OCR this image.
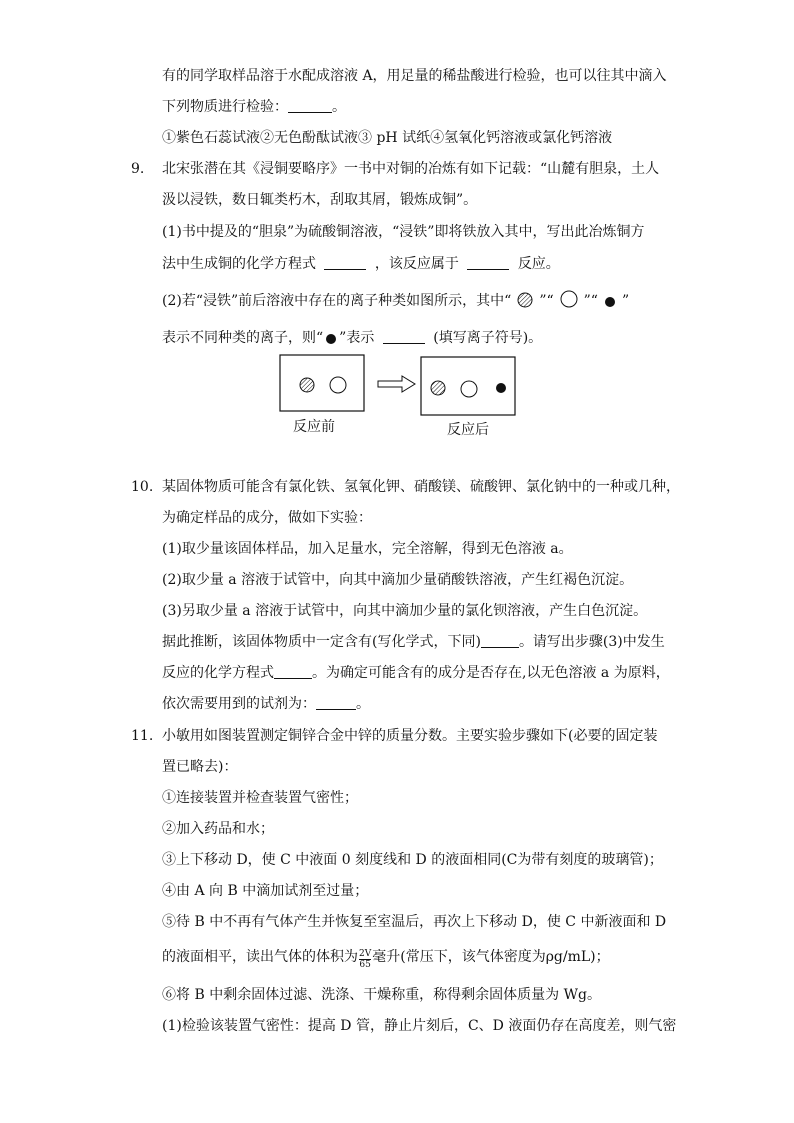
有的同学取样品溶于水配成溶液 A，用足量的稀盐酸进行检验，也可以往其中滴入
下列物质进行检验：	。
①紫色石蕊试液②无色酚酞试液③ pH 试纸④氢氧化钙溶液或氯化钙溶液
9. 北宋张潜在其《浸铜要略序》一书中对铜的冶炼有如下记载：“山麓有胆泉，土人
汲以浸铁，数日辄类朽木，刮取其屑，锻炼成铜”。
(1)书中提及的“胆泉”为硫酸铜溶液，“浸铁”即将铁放入其中，写出此冶炼铜方
法中生成铜的化学方程式	，该反应属于	反应。
(2)若“浸铁”前后溶液中存在的离子种类如图所示，其中“ ”“ ”“ ”
表示不同种类的离子，则“ ”表示	(填写离子符号)。
反应前	反应后
10. 某固体物质可能含有氯化铁、氢氧化钾、硝酸镁、硫酸钾、氯化钠中的一种或几种，
为确定样品的成分，做如下实验：
(1)取少量该固体样品，加入足量水，完全溶解，得到无色溶液 a。
(2)取少量 a 溶液于试管中，向其中滴加少量硝酸铁溶液，产生红褐色沉淀。
(3)另取少量 a 溶液于试管中，向其中滴加少量的氯化钡溶液，产生白色沉淀。
据此推断，该固体物质中一定含有(写化学式，下同)	。请写出步骤(3)中发生
反应的化学方程式	。为确定可能含有的成分是否存在,以无色溶液 a 为原料，
依次需要用到的试剂为：	。
11. 小敏用如图装置测定铜锌合金中锌的质量分数。主要实验步骤如下(必要的固定装
置已略去)：
①连接装置并检查装置气密性；
②加入药品和水；
③上下移动 D，使 C 中液面 0 刻度线和 D 的液面相同(C为带有刻度的玻璃管)；
④由 A 向 B 中滴加试剂至过量；
⑤待 B 中不再有气体产生并恢复至室温后，再次上下移动 D，使 C 中新液面和 D
的液面相平，读出气体的体积为 $\frac{2V}{65}$ 毫升(常压下，该气体密度为ρg/mL)；
⑥将 B 中剩余固体过滤、洗涤、干燥称重，称得剩余固体质量为 Wg。
(1)检验该装置气密性：提高 D 管，静止片刻后，C、D 液面仍存在高度差，则气密
